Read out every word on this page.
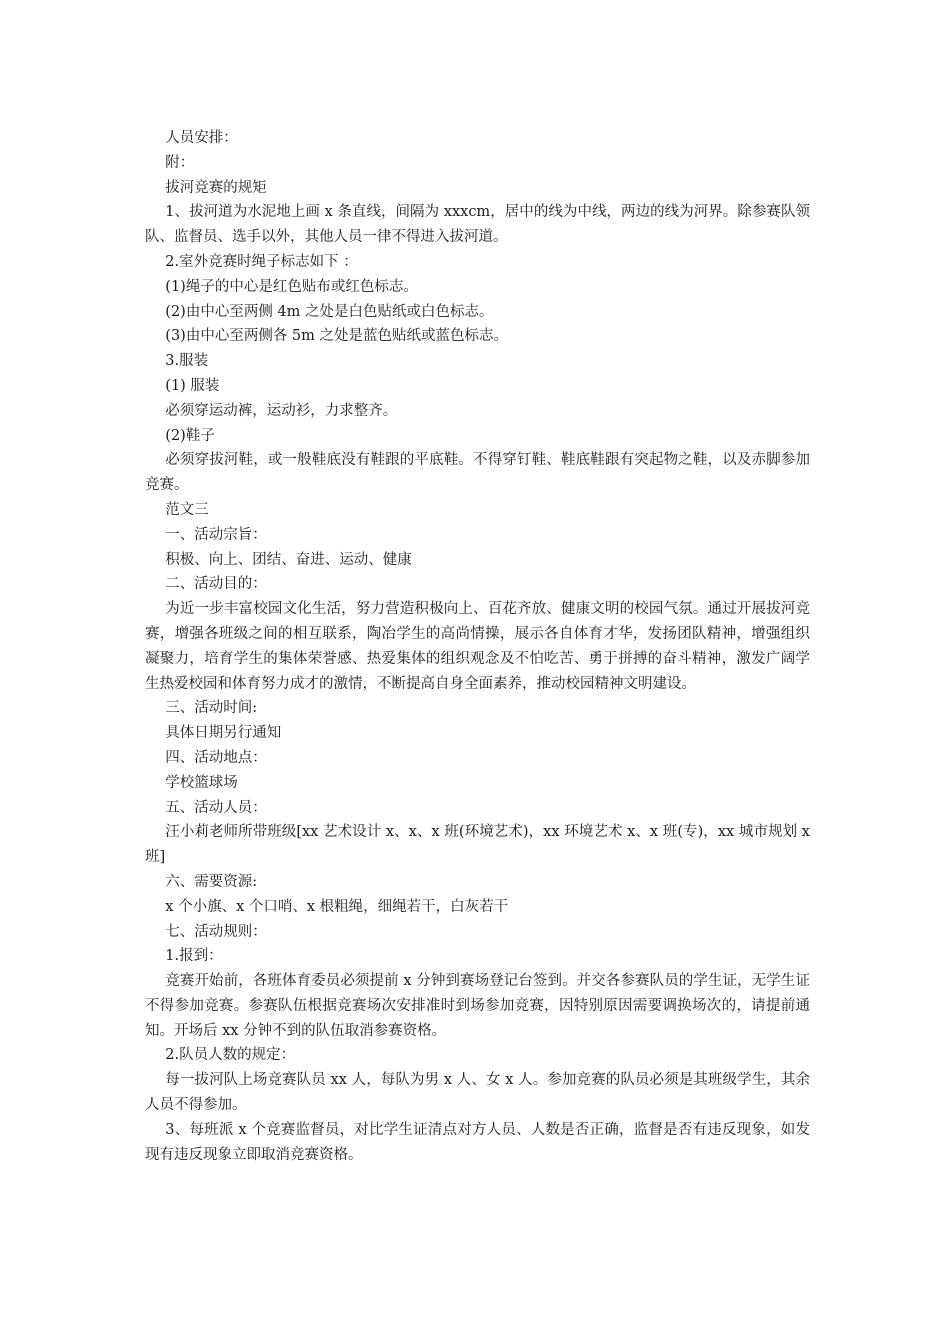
人员安排：

附：

拔河竞赛的规矩

1、拔河道为水泥地上画 x 条直线，间隔为 xxxcm，居中的线为中线，两边的线为河界。除参赛队领队、监督员、选手以外，其他人员一律不得进入拔河道。

2.室外竞赛时绳子标志如下 ：

(1)绳子的中心是红色贴布或红色标志。

(2)由中心至两侧 4m 之处是白色贴纸或白色标志。

(3)由中心至两侧各 5m 之处是蓝色贴纸或蓝色标志。

3.服装

(1) 服装

必须穿运动裤，运动衫，力求整齐。

(2)鞋子

必须穿拔河鞋，或一般鞋底没有鞋跟的平底鞋。不得穿钉鞋、鞋底鞋跟有突起物之鞋，以及赤脚参加竞赛。

范文三

一、活动宗旨：

积极、向上、团结、奋进、运动、健康

二、活动目的：

为近一步丰富校园文化生活，努力营造积极向上、百花齐放、健康文明的校园气氛。通过开展拔河竞赛，增强各班级之间的相互联系，陶冶学生的高尚情操，展示各自体育才华，发扬团队精神，增强组织凝聚力，培育学生的集体荣誉感、热爱集体的组织观念及不怕吃苦、勇于拼搏的奋斗精神，激发广阔学生热爱校园和体育努力成才的激情，不断提高自身全面素养，推动校园精神文明建设。

三、活动时间:

具体日期另行通知

四、活动地点：

学校篮球场

五、活动人员：

汪小莉老师所带班级[xx 艺术设计 x、x、x 班(环境艺术)，xx 环境艺术 x、x 班(专)，xx 城市规划 x 班]

六、需要资源:

x 个小旗、x 个口哨、x 根粗绳，细绳若干，白灰若干

七、活动规则：

1.报到：

竞赛开始前，各班体育委员必须提前 x 分钟到赛场登记台签到。并交各参赛队员的学生证，无学生证不得参加竞赛。参赛队伍根据竞赛场次安排准时到场参加竞赛，因特别原因需要调换场次的，请提前通知。开场后 xx 分钟不到的队伍取消参赛资格。

2.队员人数的规定：

每一拔河队上场竞赛队员 xx 人，每队为男 x 人、女 x 人。参加竞赛的队员必须是其班级学生，其余人员不得参加。

3、每班派 x 个竞赛监督员，对比学生证清点对方人员、人数是否正确，监督是否有违反现象，如发现有违反现象立即取消竞赛资格。
